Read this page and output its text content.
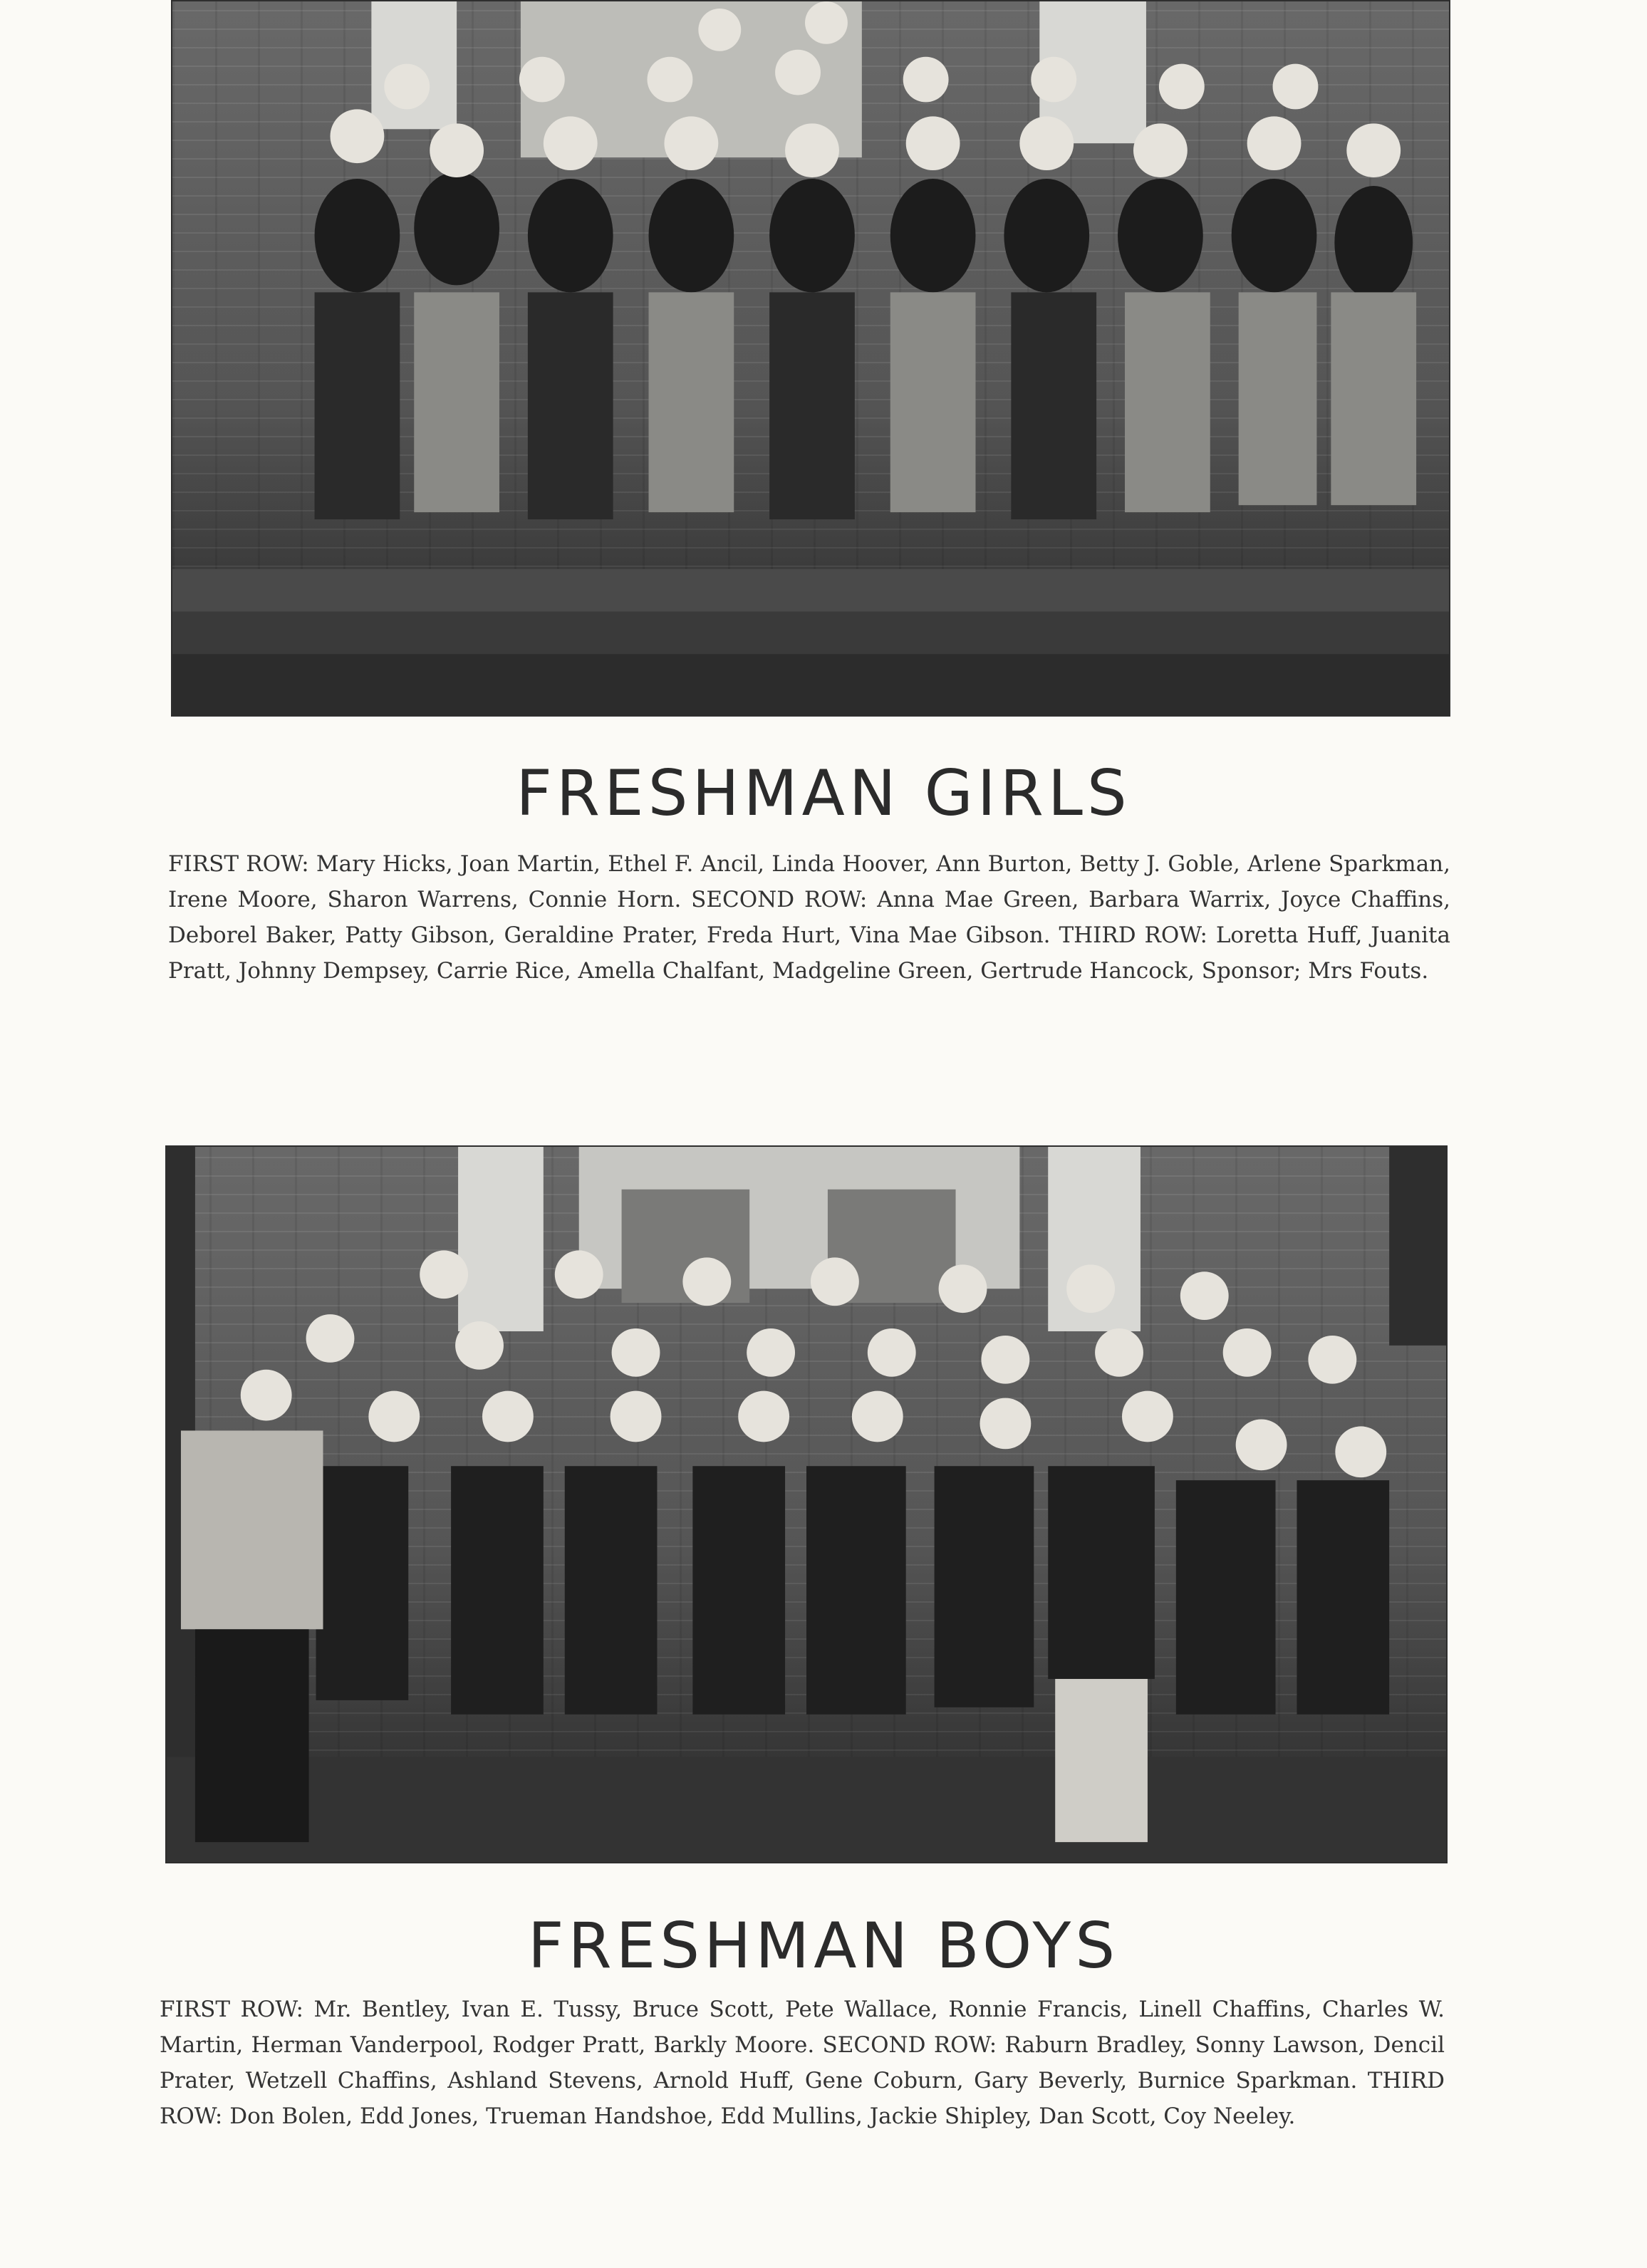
FRESHMAN GIRLS

FIRST ROW: Mary Hicks, Joan Martin, Ethel F. Ancil, Linda Hoover, Ann Burton, Betty J. Goble, Arlene Sparkman, Irene Moore, Sharon Warrens, Connie Horn. SECOND ROW: Anna Mae Green, Barbara Warrix, Joyce Chaffins, Deborel Baker, Patty Gibson, Geraldine Prater, Freda Hurt, Vina Mae Gibson. THIRD ROW: Loretta Huff, Juanita Pratt, Johnny Dempsey, Carrie Rice, Amella Chalfant, Madgeline Green, Gertrude Hancock, Sponsor; Mrs Fouts.

FRESHMAN BOYS

FIRST ROW: Mr. Bentley, Ivan E. Tussy, Bruce Scott, Pete Wallace, Ronnie Francis, Linell Chaffins, Charles W. Martin, Herman Vanderpool, Rodger Pratt, Barkly Moore. SECOND ROW: Raburn Bradley, Sonny Lawson, Dencil Prater, Wetzell Chaffins, Ashland Stevens, Arnold Huff, Gene Coburn, Gary Beverly, Burnice Sparkman. THIRD ROW: Don Bolen, Edd Jones, Trueman Handshoe, Edd Mullins, Jackie Shipley, Dan Scott, Coy Neeley.
